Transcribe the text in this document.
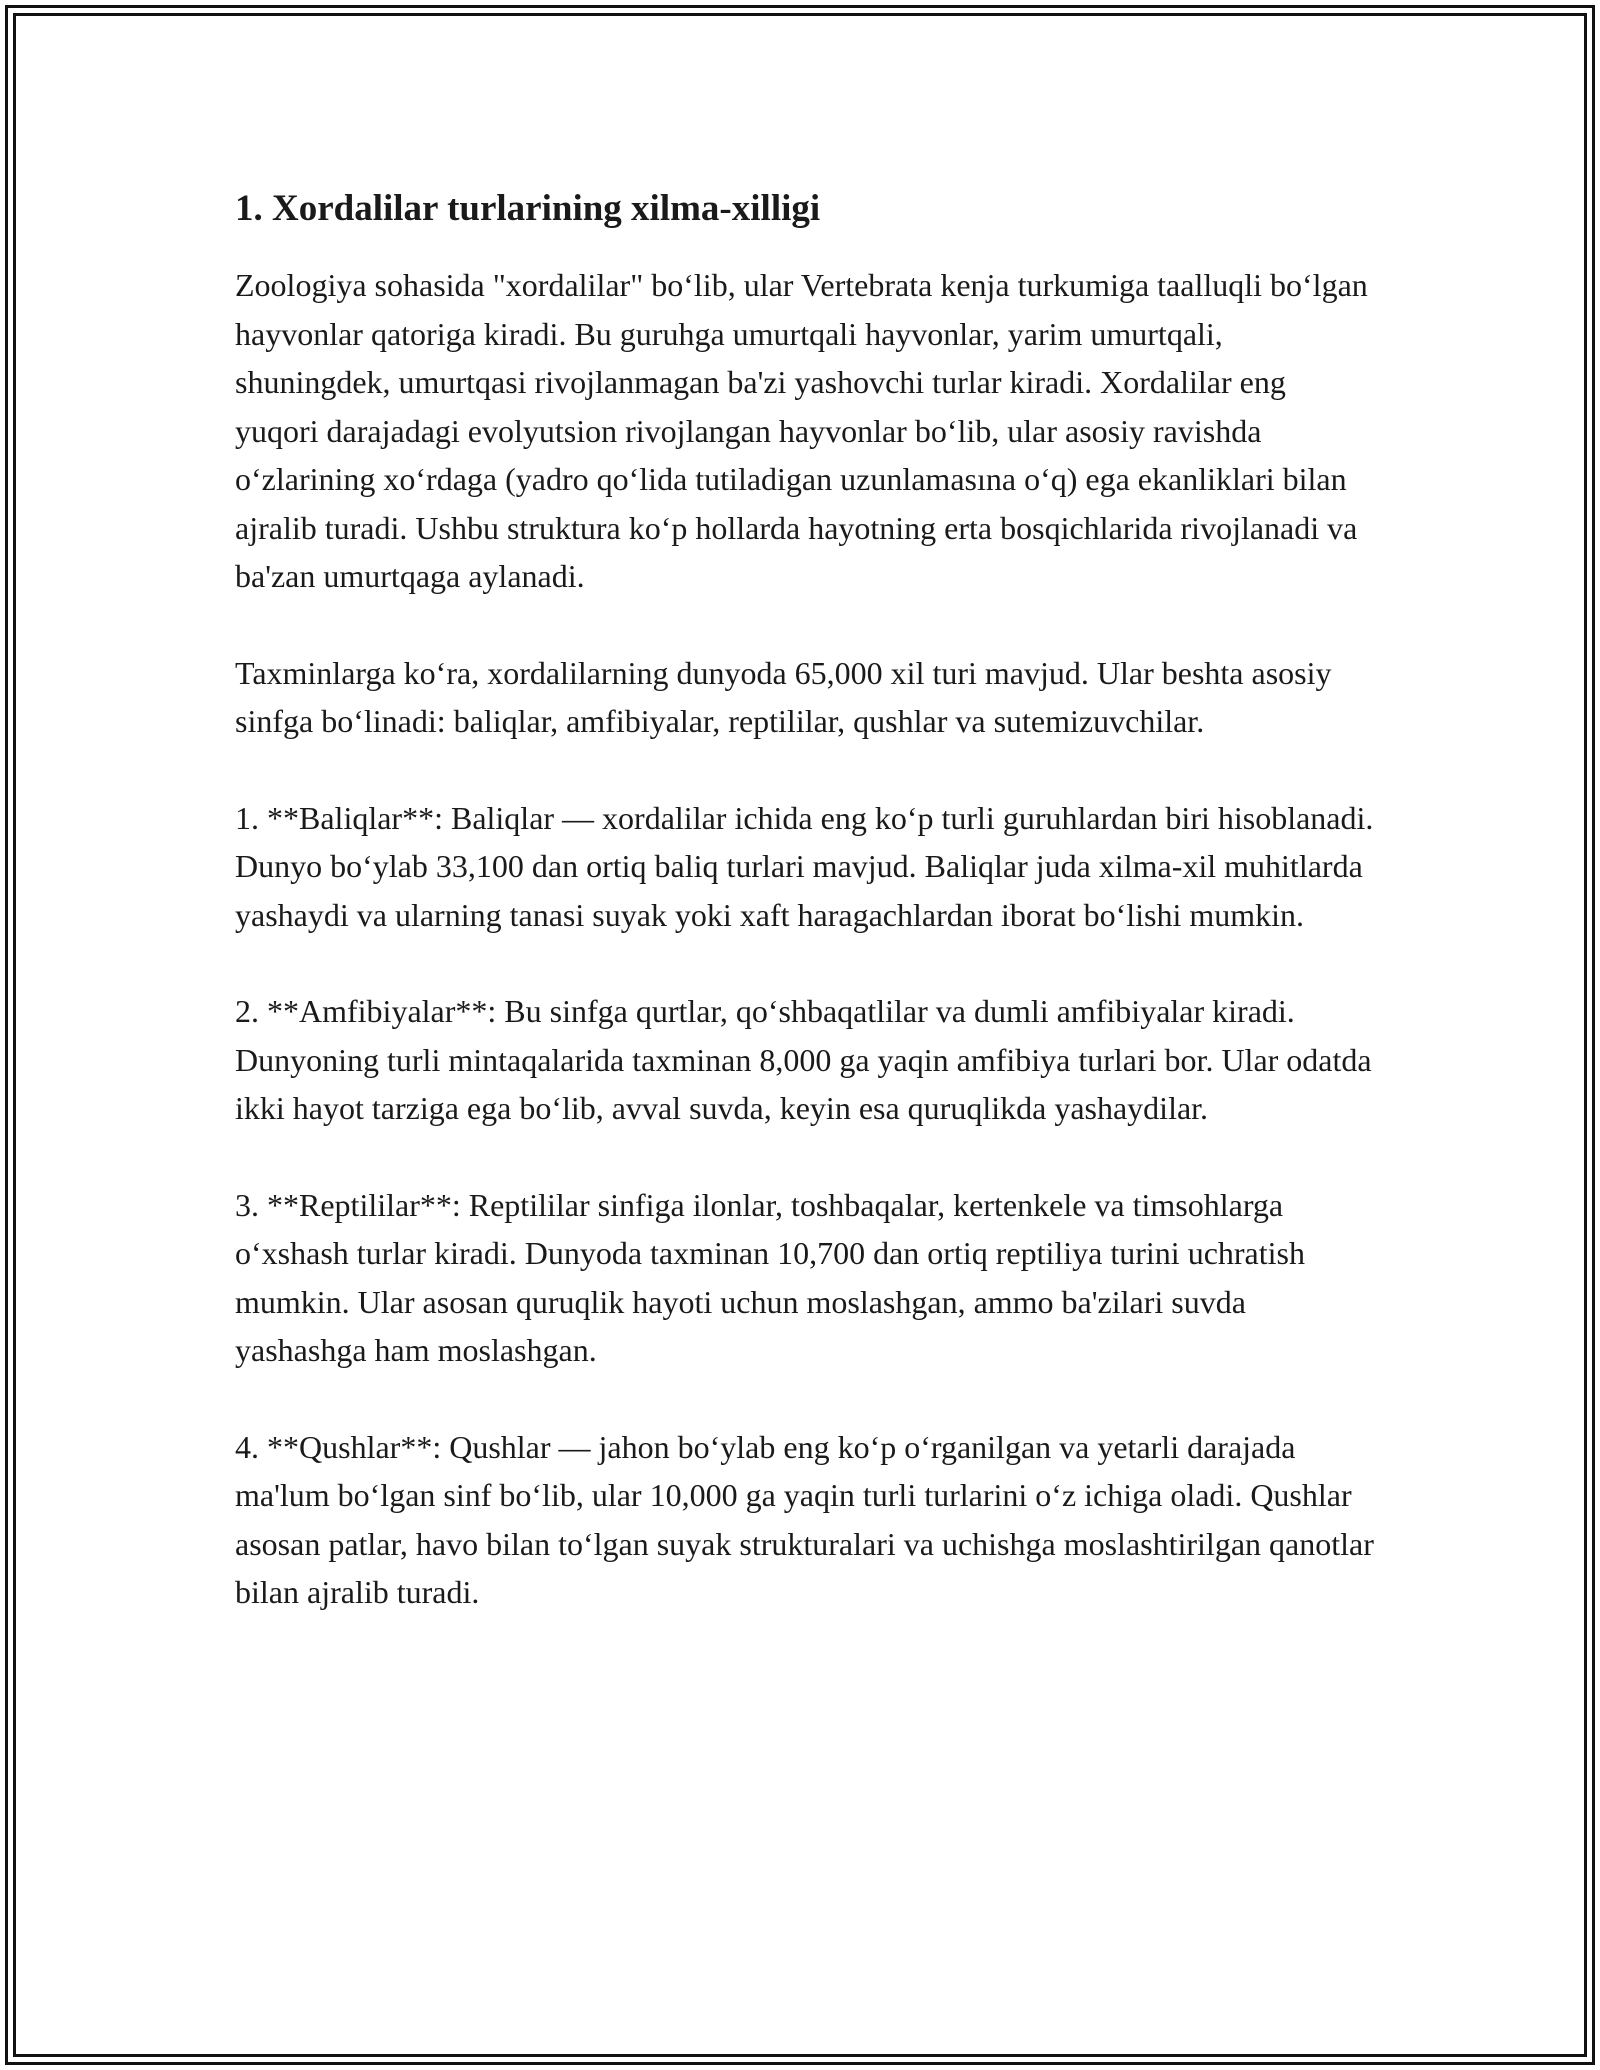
1. Xordalilar turlarining xilma-xilligi

Zoologiya sohasida "xordalilar" bo‘lib, ular Vertebrata kenja turkumiga taalluqli bo‘lgan hayvonlar qatoriga kiradi. Bu guruhga umurtqali hayvonlar, yarim umurtqali, shuningdek, umurtqasi rivojlanmagan ba'zi yashovchi turlar kiradi. Xordalilar eng yuqori darajadagi evolyutsion rivojlangan hayvonlar bo‘lib, ular asosiy ravishda o‘zlarining xo‘rdaga (yadro qo‘lida tutiladigan uzunlamasına o‘q) ega ekanliklari bilan ajralib turadi. Ushbu struktura ko‘p hollarda hayotning erta bosqichlarida rivojlanadi va ba'zan umurtqaga aylanadi.

Taxminlarga ko‘ra, xordalilarning dunyoda 65,000 xil turi mavjud. Ular beshta asosiy sinfga bo‘linadi: baliqlar, amfibiyalar, reptililar, qushlar va sutemizuvchilar.

1. **Baliqlar**: Baliqlar — xordalilar ichida eng ko‘p turli guruhlardan biri hisoblanadi. Dunyo bo‘ylab 33,100 dan ortiq baliq turlari mavjud. Baliqlar juda xilma-xil muhitlarda yashaydi va ularning tanasi suyak yoki xaft haragachlardan iborat bo‘lishi mumkin.

2. **Amfibiyalar**: Bu sinfga qurtlar, qo‘shbaqatlilar va dumli amfibiyalar kiradi. Dunyoning turli mintaqalarida taxminan 8,000 ga yaqin amfibiya turlari bor. Ular odatda ikki hayot tarziga ega bo‘lib, avval suvda, keyin esa quruqlikda yashaydilar.

3. **Reptililar**: Reptililar sinfiga ilonlar, toshbaqalar, kertenkele va timsohlarga o‘xshash turlar kiradi. Dunyoda taxminan 10,700 dan ortiq reptiliya turini uchratish mumkin. Ular asosan quruqlik hayoti uchun moslashgan, ammo ba'zilari suvda yashashga ham moslashgan.

4. **Qushlar**: Qushlar — jahon bo‘ylab eng ko‘p o‘rganilgan va yetarli darajada ma'lum bo‘lgan sinf bo‘lib, ular 10,000 ga yaqin turli turlarini o‘z ichiga oladi. Qushlar asosan patlar, havo bilan to‘lgan suyak strukturalari va uchishga moslashtirilgan qanotlar bilan ajralib turadi.
